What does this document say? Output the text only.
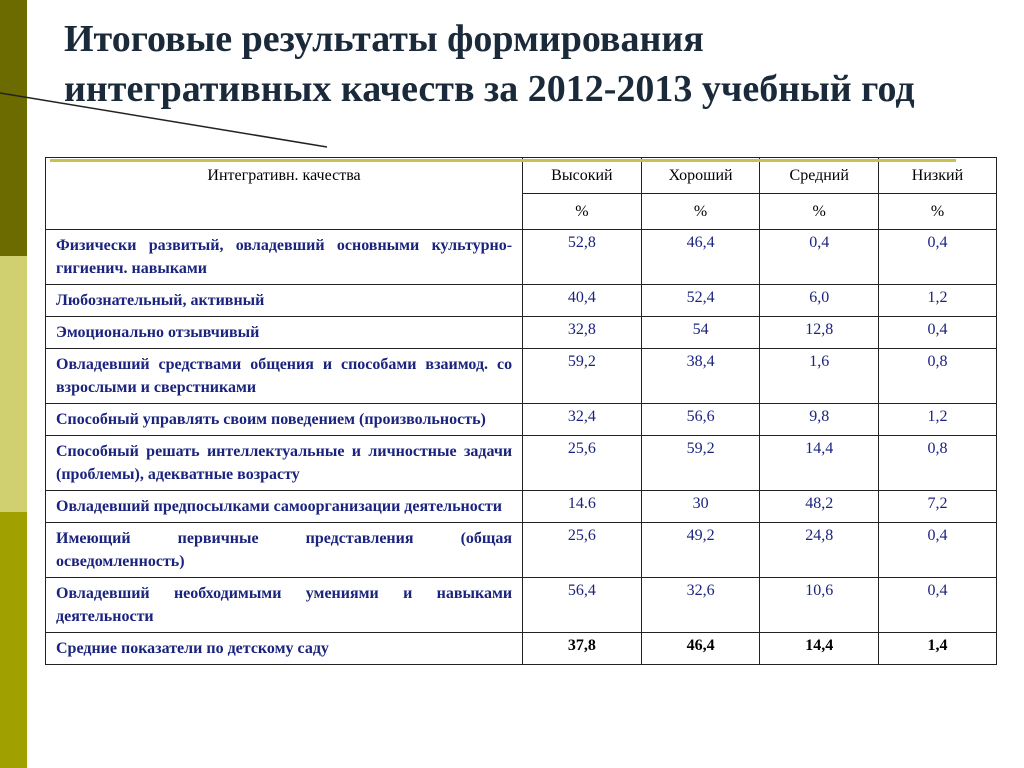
Итоговые результаты формирования
интегративных качеств за 2012-2013 учебный год
Интегративн. качества	Высокий	Хороший	Средний	Низкий
	%	%	%	%
Физически развитый, овладевший основными культурно-гигиенич. навыками	52,8	46,4	0,4	0,4
Любознательный, активный	40,4	52,4	6,0	1,2
Эмоционально отзывчивый	32,8	54	12,8	0,4
Овладевший средствами общения и способами взаимод. со взрослыми и сверстниками	59,2	38,4	1,6	0,8
Способный управлять своим поведением (произвольность)	32,4	56,6	9,8	1,2
Способный решать интеллектуальные и личностные задачи (проблемы), адекватные возрасту	25,6	59,2	14,4	0,8
Овладевший предпосылками самоорганизации деятельности	14.6	30	48,2	7,2
Имеющий первичные представления (общая осведомленность)	25,6	49,2	24,8	0,4
Овладевший необходимыми умениями и навыками деятельности	56,4	32,6	10,6	0,4
Средние показатели по детскому саду	37,8	46,4	14,4	1,4
